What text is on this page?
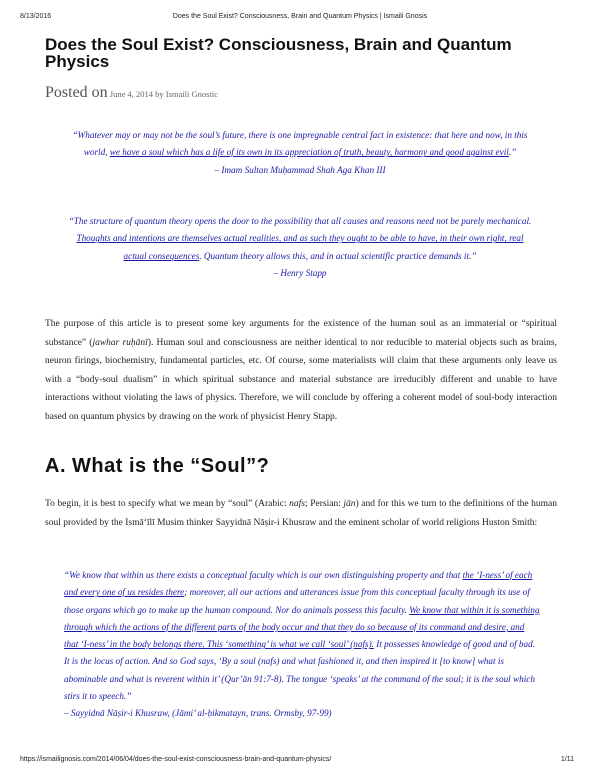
8/13/2016	Does the Soul Exist? Consciousness, Brain and Quantum Physics | Ismaili Gnosis
Does the Soul Exist? Consciousness, Brain and Quantum Physics
Posted on June 4, 2014 by Ismaili Gnostic

“Whatever may or may not be the soul’s future, there is one impregnable central fact in existence: that here and now, in this world, we have a soul which has a life of its own in its appreciation of truth, beauty, harmony and good against evil.”
– Imam Sultan Muḥammad Shah Aga Khan III

“The structure of quantum theory opens the door to the possibility that all causes and reasons need not be purely mechanical. Thoughts and intentions are themselves actual realities, and as such they ought to be able to have, in their own right, real actual consequences. Quantum theory allows this, and in actual scientific practice demands it.”
– Henry Stapp

The purpose of this article is to present some key arguments for the existence of the human soul as an immaterial or “spiritual substance” (jawhar ruḥānī). Human soul and consciousness are neither identical to nor reducible to material objects such as brains, neuron firings, biochemistry, fundamental particles, etc. Of course, some materialists will claim that these arguments only leave us with a “body-soul dualism” in which spiritual substance and material substance are irreducibly different and unable to have interactions without violating the laws of physics. Therefore, we will conclude by offering a coherent model of soul-body interaction based on quantum physics by drawing on the work of physicist Henry Stapp.

A. What is the “Soul”?

To begin, it is best to specify what we mean by “soul” (Arabic: nafs; Persian: jān) and for this we turn to the definitions of the human soul provided by the Ismā‘īlī Musim thinker Sayyidnā Nāṣir-i Khusraw and the eminent scholar of world religions Huston Smith:

“We know that within us there exists a conceptual faculty which is our own distinguishing property and that the ‘I-ness’ of each and every one of us resides there; moreover, all our actions and utterances issue from this conceptual faculty through its use of those organs which go to make up the human compound. Nor do animals possess this faculty. We know that within it is something through which the actions of the different parts of the body occur and that they do so because of its command and desire, and that ‘I-ness’ in the body belongs there. This ‘something’ is what we call ‘soul’ (nafs). It possesses knowledge of good and of bad. It is the locus of action. And so God says, ‘By a soul (nafs) and what fashioned it, and then inspired it [to know] what is abominable and what is reverent within it’ (Qur’ān 91:7-8). The tongue ‘speaks’ at the command of the soul; it is the soul which stirs it to speech.”
– Sayyidnā Nāṣir-i Khusraw, (Jāmi’ al-ḥikmatayn, trans. Ormsby, 97-99)

https://ismailignosis.com/2014/06/04/does-the-soul-exist-consciousness-brain-and-quantum-physics/	1/11
